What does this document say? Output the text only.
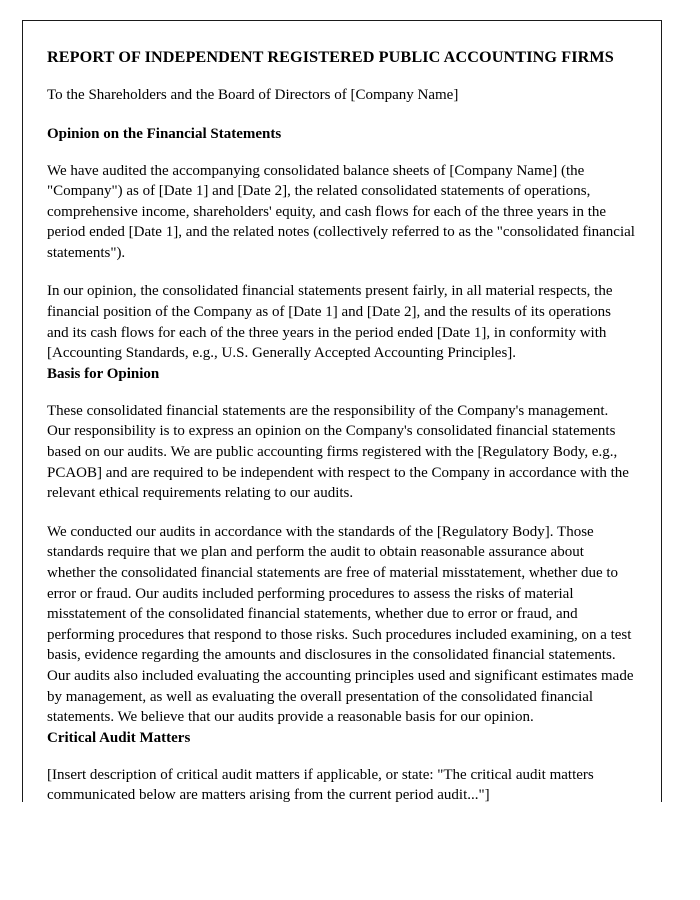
REPORT OF INDEPENDENT REGISTERED PUBLIC ACCOUNTING FIRMS

To the Shareholders and the Board of Directors of [Company Name]

Opinion on the Financial Statements

We have audited the accompanying consolidated balance sheets of [Company Name] (the "Company") as of [Date 1] and [Date 2], the related consolidated statements of operations, comprehensive income, shareholders' equity, and cash flows for each of the three years in the period ended [Date 1], and the related notes (collectively referred to as the "consolidated financial statements").

In our opinion, the consolidated financial statements present fairly, in all material respects, the financial position of the Company as of [Date 1] and [Date 2], and the results of its operations and its cash flows for each of the three years in the period ended [Date 1], in conformity with [Accounting Standards, e.g., U.S. Generally Accepted Accounting Principles].

Basis for Opinion

These consolidated financial statements are the responsibility of the Company's management. Our responsibility is to express an opinion on the Company's consolidated financial statements based on our audits. We are public accounting firms registered with the [Regulatory Body, e.g., PCAOB] and are required to be independent with respect to the Company in accordance with the relevant ethical requirements relating to our audits.

We conducted our audits in accordance with the standards of the [Regulatory Body]. Those standards require that we plan and perform the audit to obtain reasonable assurance about whether the consolidated financial statements are free of material misstatement, whether due to error or fraud. Our audits included performing procedures to assess the risks of material misstatement of the consolidated financial statements, whether due to error or fraud, and performing procedures that respond to those risks. Such procedures included examining, on a test basis, evidence regarding the amounts and disclosures in the consolidated financial statements. Our audits also included evaluating the accounting principles used and significant estimates made by management, as well as evaluating the overall presentation of the consolidated financial statements. We believe that our audits provide a reasonable basis for our opinion.

Critical Audit Matters

[Insert description of critical audit matters if applicable, or state: "The critical audit matters communicated below are matters arising from the current period audit..."]
